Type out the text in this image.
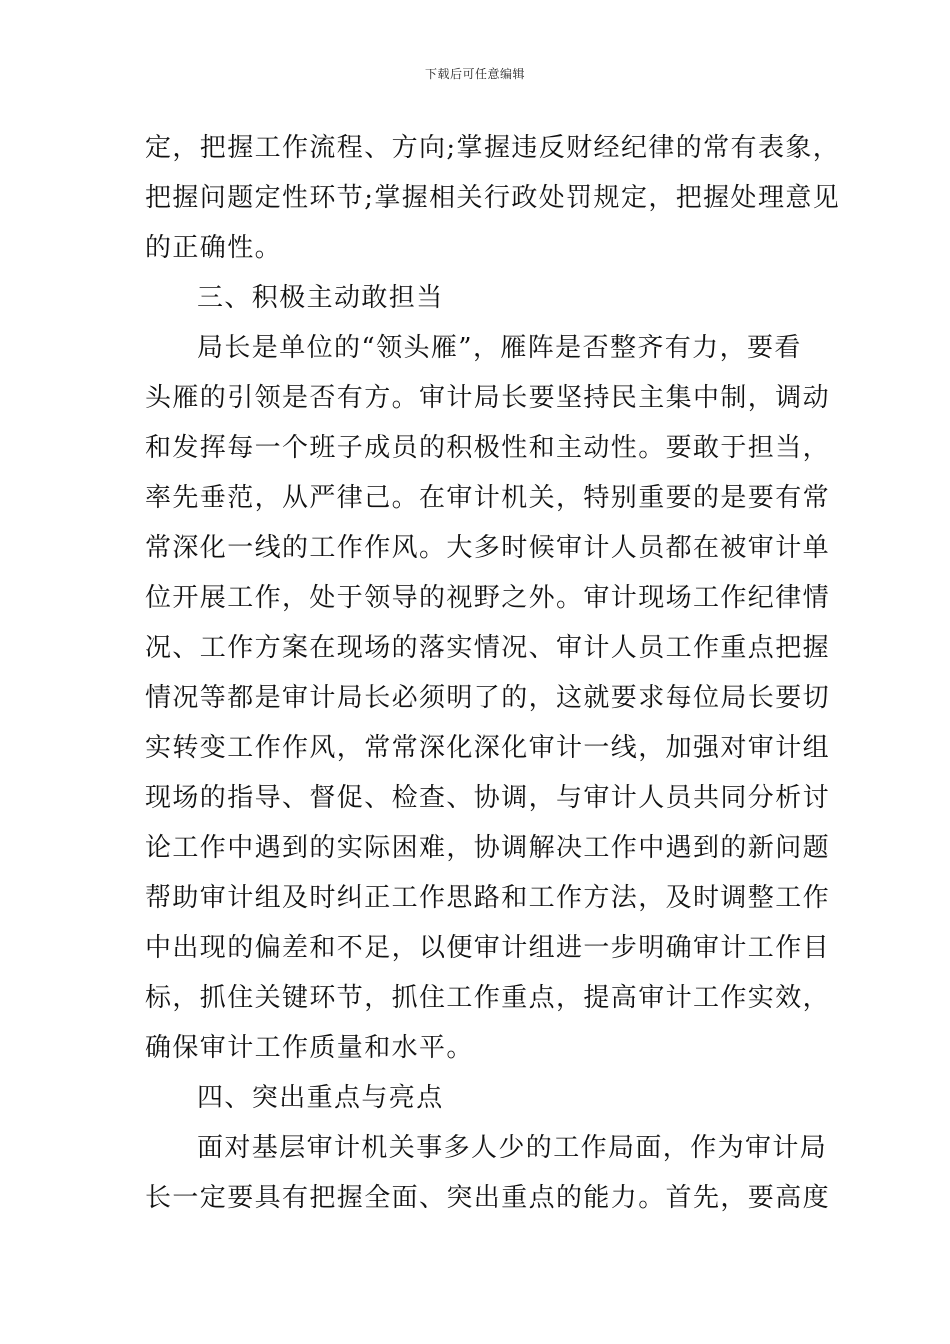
下载后可任意编辑
定，把握工作流程、方向;掌握违反财经纪律的常有表象，
把握问题定性环节;掌握相关行政处罚规定，把握处理意见
的正确性。
三、积极主动敢担当
局长是单位的“领头雁”，雁阵是否整齐有力，要看
头雁的引领是否有方。审计局长要坚持民主集中制，调动
和发挥每一个班子成员的积极性和主动性。要敢于担当，
率先垂范，从严律己。在审计机关，特别重要的是要有常
常深化一线的工作作风。大多时候审计人员都在被审计单
位开展工作，处于领导的视野之外。审计现场工作纪律情
况、工作方案在现场的落实情况、审计人员工作重点把握
情况等都是审计局长必须明了的，这就要求每位局长要切
实转变工作作风，常常深化深化审计一线，加强对审计组
现场的指导、督促、检查、协调，与审计人员共同分析讨
论工作中遇到的实际困难，协调解决工作中遇到的新问题
帮助审计组及时纠正工作思路和工作方法，及时调整工作
中出现的偏差和不足，以便审计组进一步明确审计工作目
标，抓住关键环节，抓住工作重点，提高审计工作实效，
确保审计工作质量和水平。
四、突出重点与亮点
面对基层审计机关事多人少的工作局面，作为审计局
长一定要具有把握全面、突出重点的能力。首先，要高度
